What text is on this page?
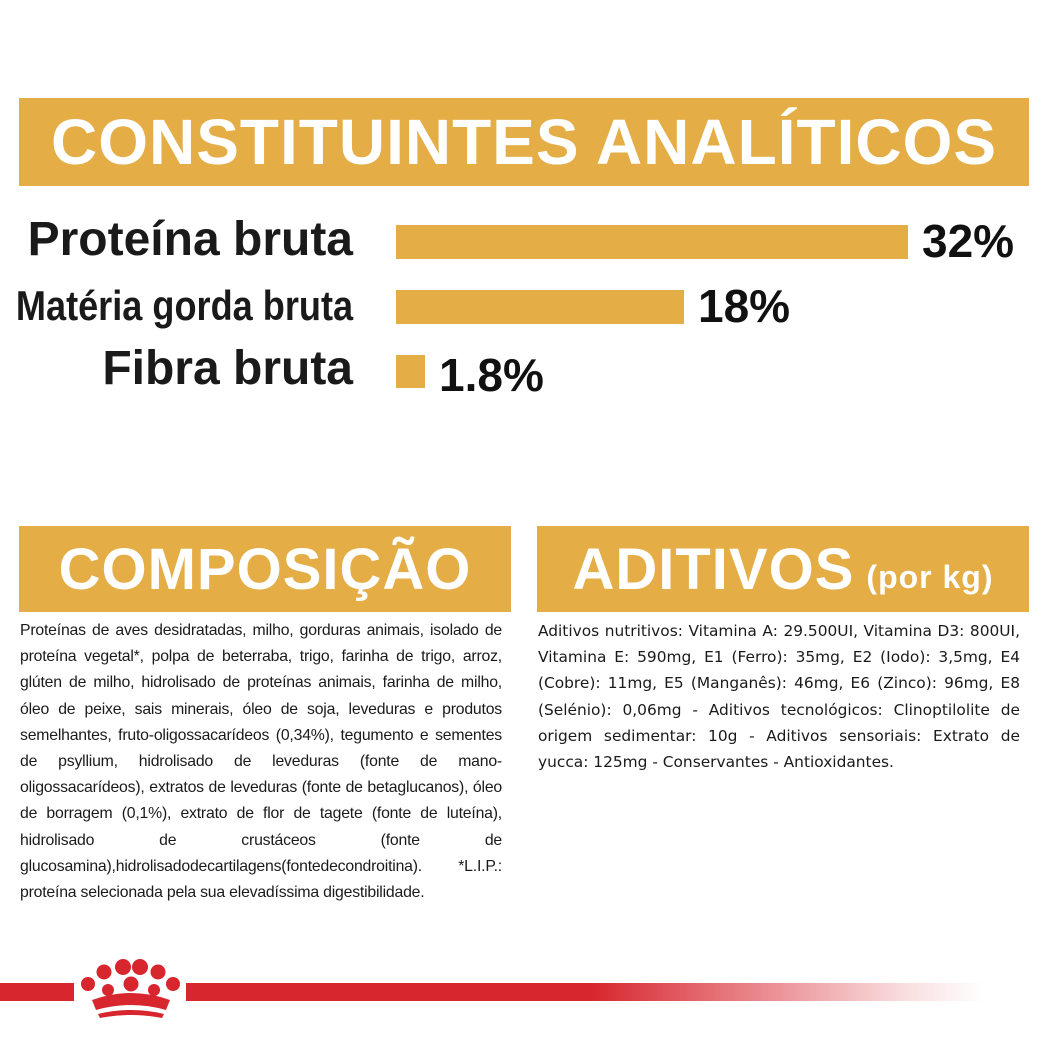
CONSTITUINTES ANALÍTICOS
Proteína bruta	32%
Matéria gorda bruta	18%
Fibra bruta 1.8%
COMPOSIÇÃO
Proteínas de aves desidratadas, milho, gorduras animais, isolado de proteína vegetal*, polpa de beterraba, trigo, farinha de trigo, arroz, glúten de milho, hidrolisado de proteínas animais, farinha de milho, óleo de peixe, sais minerais, óleo de soja, leveduras e produtos semelhantes, fruto-oligossacarídeos (0,34%), tegumento e sementes de psyllium, hidrolisado de leveduras (fonte de mano-oligossacarídeos), extratos de leveduras (fonte de betaglucanos), óleo de borragem (0,1%), extrato de flor de tagete (fonte de luteína), hidrolisado de crustáceos (fonte de glucosamina),hidrolisadodecartilagens(fontedecondroitina). *L.I.P.: proteína selecionada pela sua elevadíssima digestibilidade.
ADITIVOS (por kg)
Aditivos nutritivos: Vitamina A: 29.500UI, Vitamina D3: 800UI, Vitamina E: 590mg, E1 (Ferro): 35mg, E2 (Iodo): 3,5mg, E4 (Cobre): 11mg, E5 (Manganês): 46mg, E6 (Zinco): 96mg, E8 (Selénio): 0,06mg - Aditivos tecnológicos: Clinoptilolite de origem sedimentar: 10g - Aditivos sensoriais: Extrato de yucca: 125mg - Conservantes - Antioxidantes.
